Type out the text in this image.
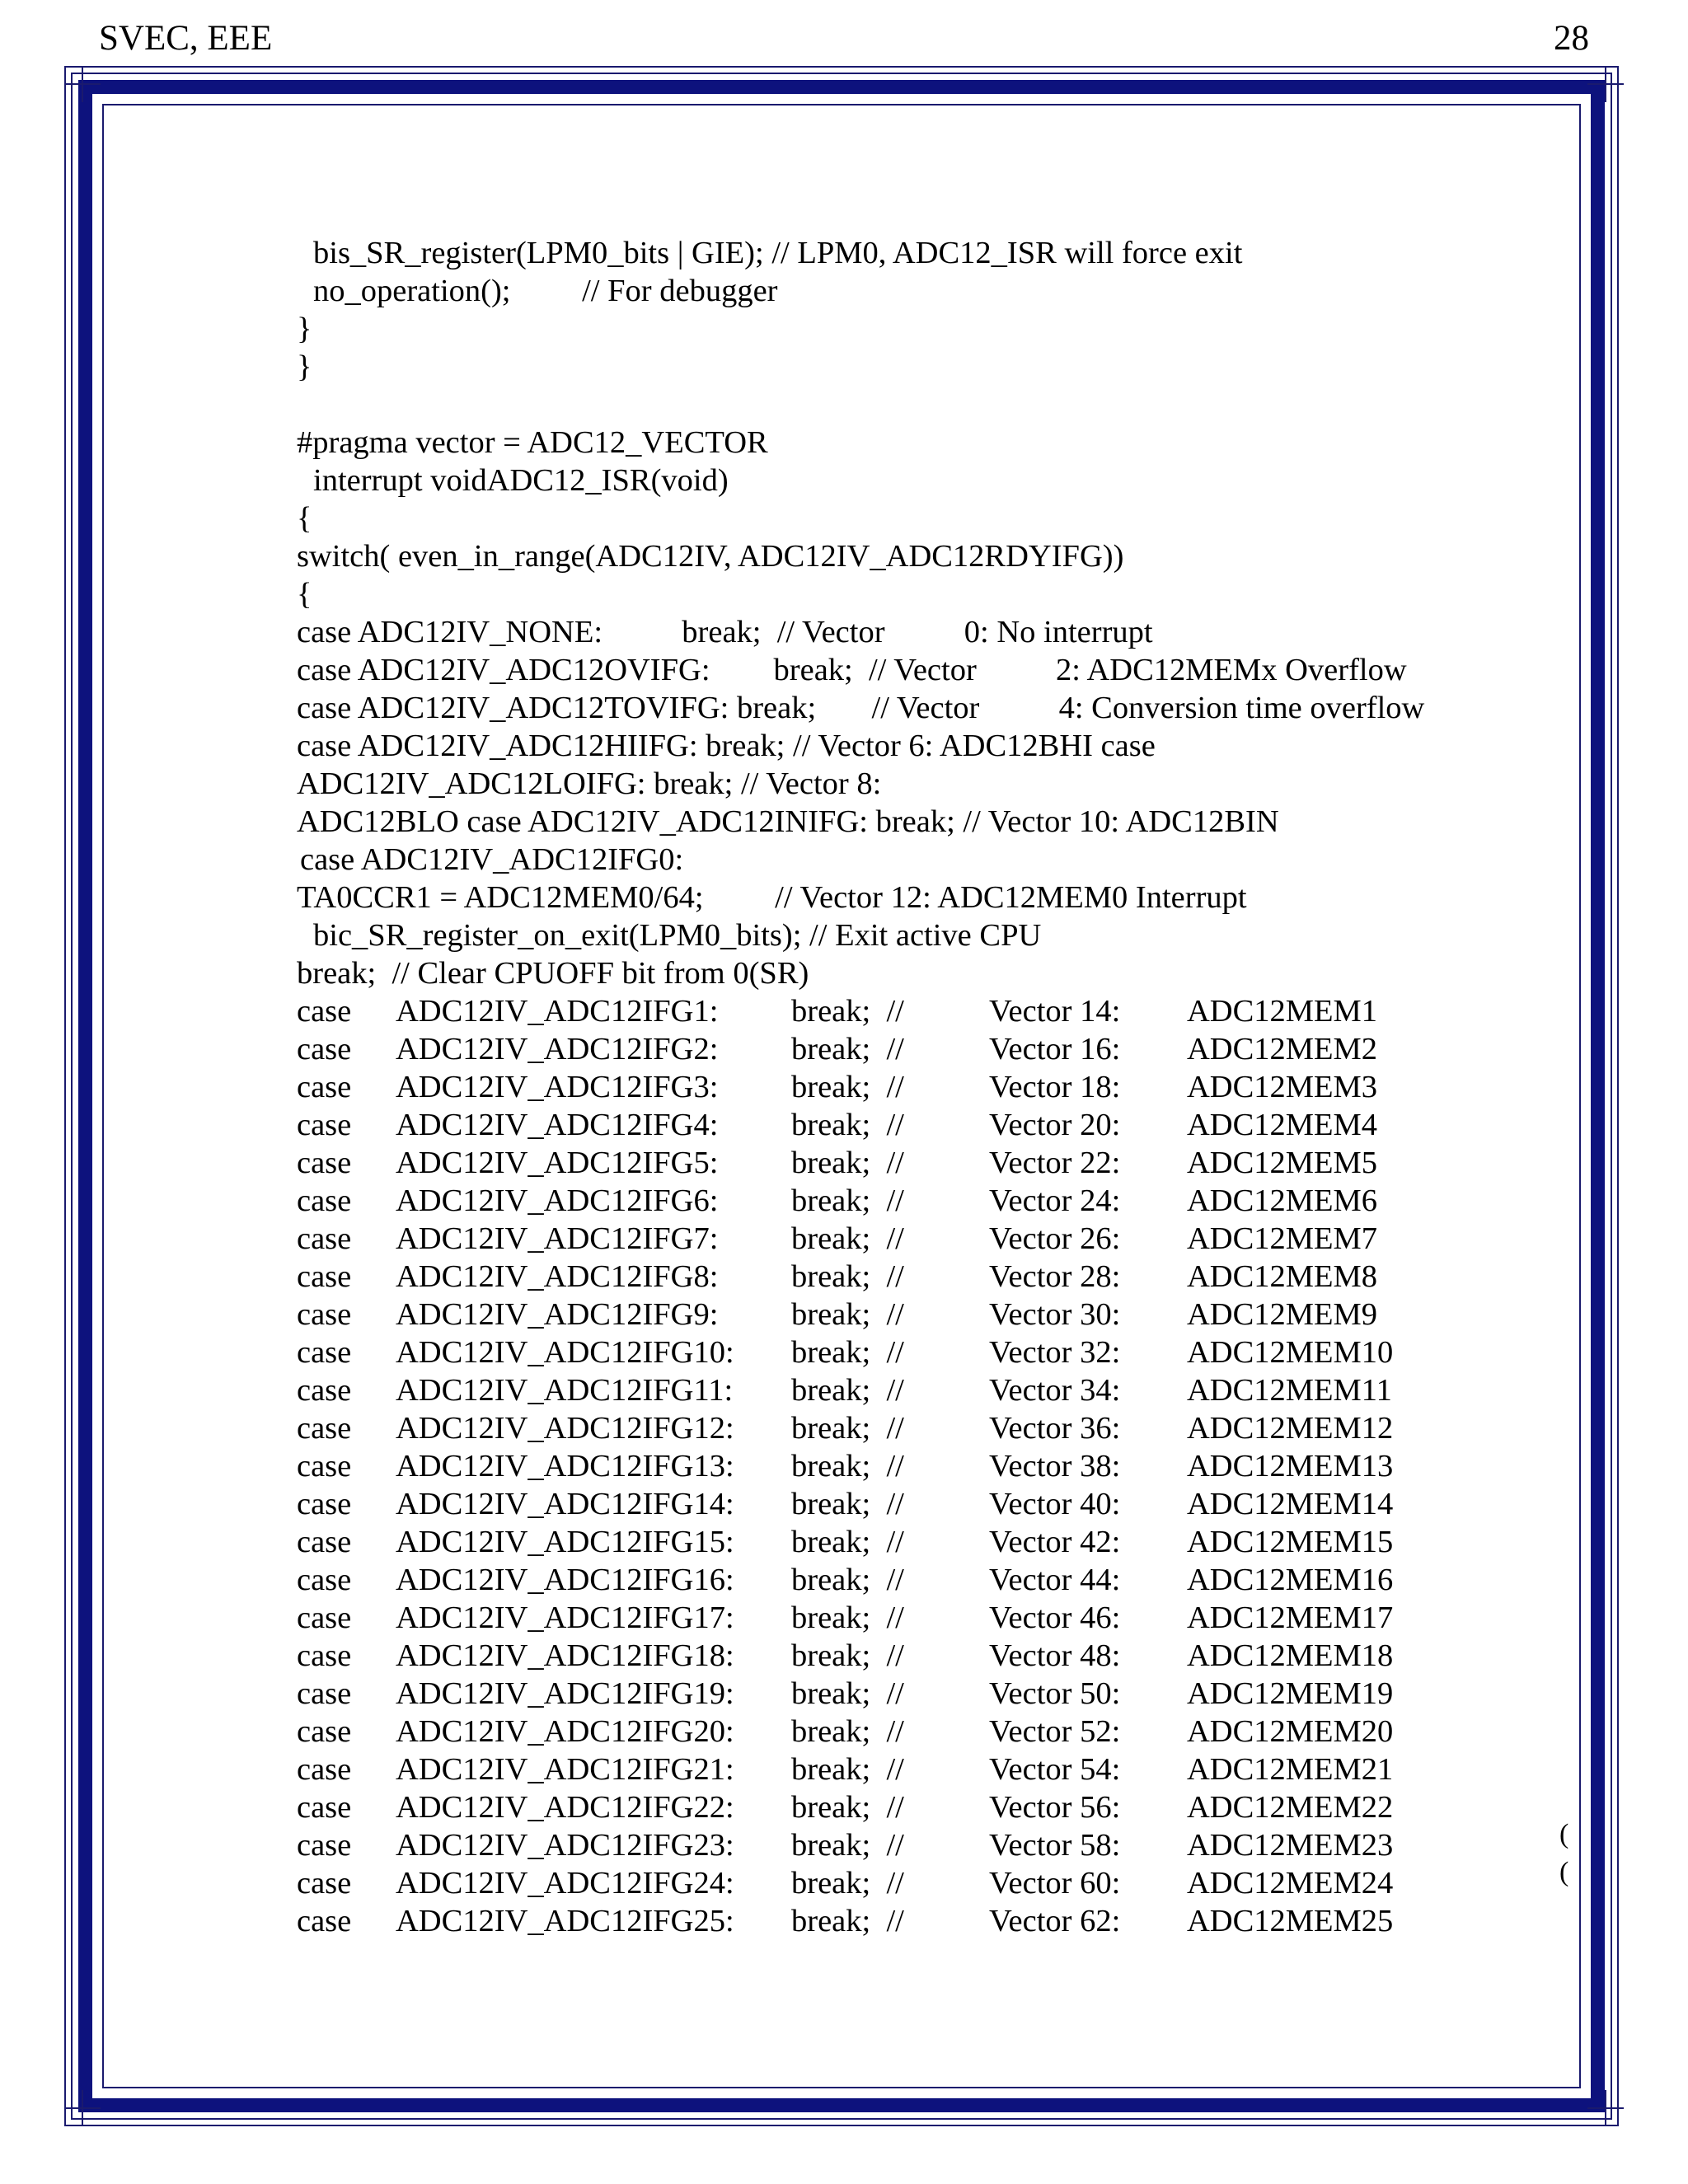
SVEC, EEE	28
bis_SR_register(LPM0_bits | GIE); // LPM0, ADC12_ISR will force exit
no_operation();         // For debugger
}
}
#pragma vector = ADC12_VECTOR
interrupt voidADC12_ISR(void)
{
switch( even_in_range(ADC12IV, ADC12IV_ADC12RDYIFG))
{
case ADC12IV_NONE:          break;  // Vector          0: No interrupt
case ADC12IV_ADC12OVIFG:        break;  // Vector          2: ADC12MEMx Overflow
case ADC12IV_ADC12TOVIFG: break;       // Vector          4: Conversion time overflow
case ADC12IV_ADC12HIIFG: break; // Vector 6: ADC12BHI case
ADC12IV_ADC12LOIFG: break; // Vector 8:
ADC12BLO case ADC12IV_ADC12INIFG: break; // Vector 10: ADC12BIN
case ADC12IV_ADC12IFG0:
TA0CCR1 = ADC12MEM0/64;         // Vector 12: ADC12MEM0 Interrupt
bic_SR_register_on_exit(LPM0_bits); // Exit active CPU
break;  // Clear CPUOFF bit from 0(SR)
case ADC12IV_ADC12IFG1: break;  //	Vector 14: ADC12MEM1
case ADC12IV_ADC12IFG2: break;  //	Vector 16: ADC12MEM2
case ADC12IV_ADC12IFG3: break;  //	Vector 18: ADC12MEM3
case ADC12IV_ADC12IFG4: break;  //	Vector 20: ADC12MEM4
case ADC12IV_ADC12IFG5: break;  //	Vector 22: ADC12MEM5
case ADC12IV_ADC12IFG6: break;  //	Vector 24: ADC12MEM6
case ADC12IV_ADC12IFG7: break;  //	Vector 26: ADC12MEM7
case ADC12IV_ADC12IFG8: break;  //	Vector 28: ADC12MEM8
case ADC12IV_ADC12IFG9: break;  //	Vector 30: ADC12MEM9
case ADC12IV_ADC12IFG10: break;  //	Vector 32: ADC12MEM10
case ADC12IV_ADC12IFG11: break;  //	Vector 34: ADC12MEM11
case ADC12IV_ADC12IFG12: break;  //	Vector 36: ADC12MEM12
case ADC12IV_ADC12IFG13: break;  //	Vector 38: ADC12MEM13
case ADC12IV_ADC12IFG14: break;  //	Vector 40: ADC12MEM14
case ADC12IV_ADC12IFG15: break;  //	Vector 42: ADC12MEM15
case ADC12IV_ADC12IFG16: break;  //	Vector 44: ADC12MEM16
case ADC12IV_ADC12IFG17: break;  //	Vector 46: ADC12MEM17
case ADC12IV_ADC12IFG18: break;  //	Vector 48: ADC12MEM18
case ADC12IV_ADC12IFG19: break;  //	Vector 50: ADC12MEM19
case ADC12IV_ADC12IFG20: break;  //	Vector 52: ADC12MEM20
case ADC12IV_ADC12IFG21: break;  //	Vector 54: ADC12MEM21
case ADC12IV_ADC12IFG22: break;  //	Vector 56: ADC12MEM22
case ADC12IV_ADC12IFG23: break;  //	Vector 58: ADC12MEM23
case ADC12IV_ADC12IFG24: break;  //	Vector 60: ADC12MEM24
case ADC12IV_ADC12IFG25: break;  //	Vector 62: ADC12MEM25
(
(
